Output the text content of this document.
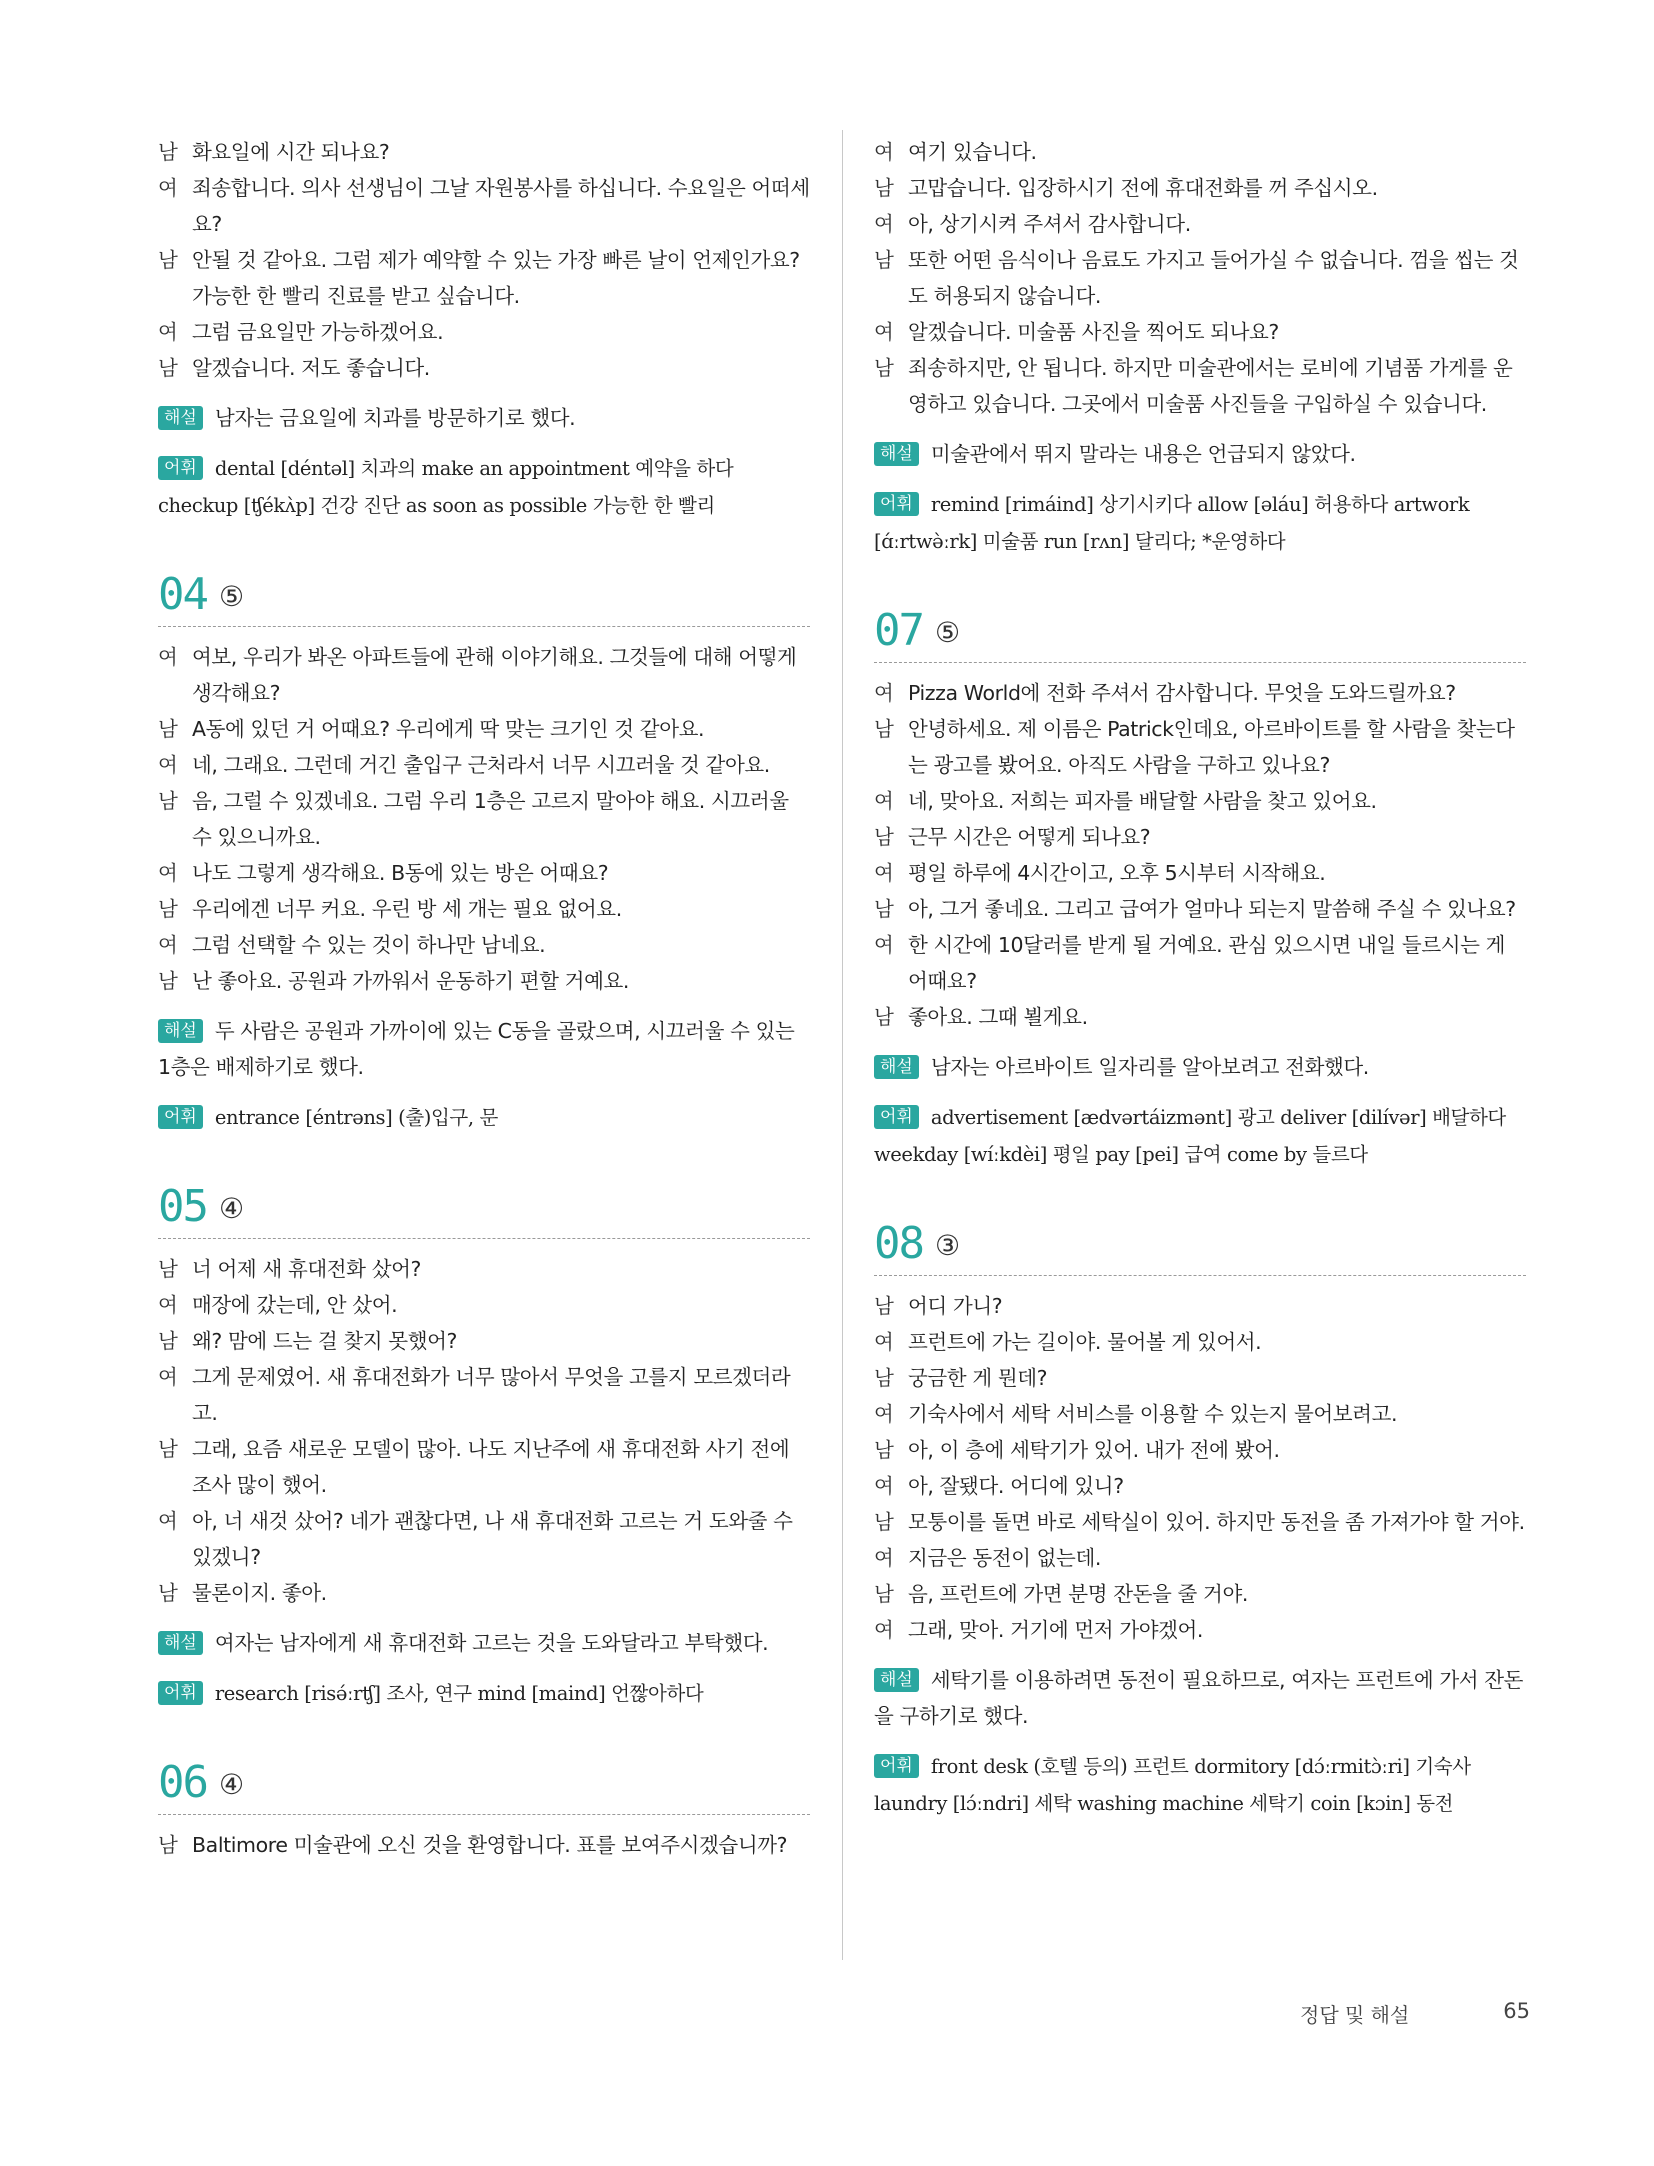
남 화요일에 시간 되나요?
여 죄송합니다. 의사 선생님이 그날 자원봉사를 하십니다. 수요일은 어떠세요?
남 안될 것 같아요. 그럼 제가 예약할 수 있는 가장 빠른 날이 언제인가요? 가능한 한 빨리 진료를 받고 싶습니다.
여 그럼 금요일만 가능하겠어요.
남 알겠습니다. 저도 좋습니다.
해설 남자는 금요일에 치과를 방문하기로 했다.
어휘 dental [déntəl] 치과의 make an appointment 예약을 하다 checkup [ʧékʌ̀p] 건강 진단 as soon as possible 가능한 한 빨리
04 ⑤
여 여보, 우리가 봐온 아파트들에 관해 이야기해요. 그것들에 대해 어떻게 생각해요?
남 A동에 있던 거 어때요? 우리에게 딱 맞는 크기인 것 같아요.
여 네, 그래요. 그런데 거긴 출입구 근처라서 너무 시끄러울 것 같아요.
남 음, 그럴 수 있겠네요. 그럼 우리 1층은 고르지 말아야 해요. 시끄러울 수 있으니까요.
여 나도 그렇게 생각해요. B동에 있는 방은 어때요?
남 우리에겐 너무 커요. 우린 방 세 개는 필요 없어요.
여 그럼 선택할 수 있는 것이 하나만 남네요.
남 난 좋아요. 공원과 가까워서 운동하기 편할 거예요.
해설 두 사람은 공원과 가까이에 있는 C동을 골랐으며, 시끄러울 수 있는 1층은 배제하기로 했다.
어휘 entrance [éntrəns] (출)입구, 문
05 ④
남 너 어제 새 휴대전화 샀어?
여 매장에 갔는데, 안 샀어.
남 왜? 맘에 드는 걸 찾지 못했어?
여 그게 문제였어. 새 휴대전화가 너무 많아서 무엇을 고를지 모르겠더라고.
남 그래, 요즘 새로운 모델이 많아. 나도 지난주에 새 휴대전화 사기 전에 조사 많이 했어.
여 아, 너 새것 샀어? 네가 괜찮다면, 나 새 휴대전화 고르는 거 도와줄 수 있겠니?
남 물론이지. 좋아.
해설 여자는 남자에게 새 휴대전화 고르는 것을 도와달라고 부탁했다.
어휘 research [risə́ːrʧ] 조사, 연구 mind [maind] 언짢아하다
06 ④
남 Baltimore 미술관에 오신 것을 환영합니다. 표를 보여주시겠습니까?
여 여기 있습니다.
남 고맙습니다. 입장하시기 전에 휴대전화를 꺼 주십시오.
여 아, 상기시켜 주셔서 감사합니다.
남 또한 어떤 음식이나 음료도 가지고 들어가실 수 없습니다. 껌을 씹는 것도 허용되지 않습니다.
여 알겠습니다. 미술품 사진을 찍어도 되나요?
남 죄송하지만, 안 됩니다. 하지만 미술관에서는 로비에 기념품 가게를 운영하고 있습니다. 그곳에서 미술품 사진들을 구입하실 수 있습니다.
해설 미술관에서 뛰지 말라는 내용은 언급되지 않았다.
어휘 remind [rimáind] 상기시키다 allow [əláu] 허용하다 artwork [ɑ́ːrtwə̀ːrk] 미술품 run [rʌn] 달리다; *운영하다
07 ⑤
여 Pizza World에 전화 주셔서 감사합니다. 무엇을 도와드릴까요?
남 안녕하세요. 제 이름은 Patrick인데요, 아르바이트를 할 사람을 찾는다는 광고를 봤어요. 아직도 사람을 구하고 있나요?
여 네, 맞아요. 저희는 피자를 배달할 사람을 찾고 있어요.
남 근무 시간은 어떻게 되나요?
여 평일 하루에 4시간이고, 오후 5시부터 시작해요.
남 아, 그거 좋네요. 그리고 급여가 얼마나 되는지 말씀해 주실 수 있나요?
여 한 시간에 10달러를 받게 될 거예요. 관심 있으시면 내일 들르시는 게 어때요?
남 좋아요. 그때 뵐게요.
해설 남자는 아르바이트 일자리를 알아보려고 전화했다.
어휘 advertisement [ӕdvərtáizmənt] 광고 deliver [dilívər] 배달하다 weekday [wíːkdèi] 평일 pay [pei] 급여 come by 들르다
08 ③
남 어디 가니?
여 프런트에 가는 길이야. 물어볼 게 있어서.
남 궁금한 게 뭔데?
여 기숙사에서 세탁 서비스를 이용할 수 있는지 물어보려고.
남 아, 이 층에 세탁기가 있어. 내가 전에 봤어.
여 아, 잘됐다. 어디에 있니?
남 모퉁이를 돌면 바로 세탁실이 있어. 하지만 동전을 좀 가져가야 할 거야.
여 지금은 동전이 없는데.
남 음, 프런트에 가면 분명 잔돈을 줄 거야.
여 그래, 맞아. 거기에 먼저 가야겠어.
해설 세탁기를 이용하려면 동전이 필요하므로, 여자는 프런트에 가서 잔돈을 구하기로 했다.
어휘 front desk (호텔 등의) 프런트 dormitory [dɔ́ːrmitɔ̀ːri] 기숙사 laundry [lɔ́ːndri] 세탁 washing machine 세탁기 coin [kɔin] 동전
정답 및 해설	65
